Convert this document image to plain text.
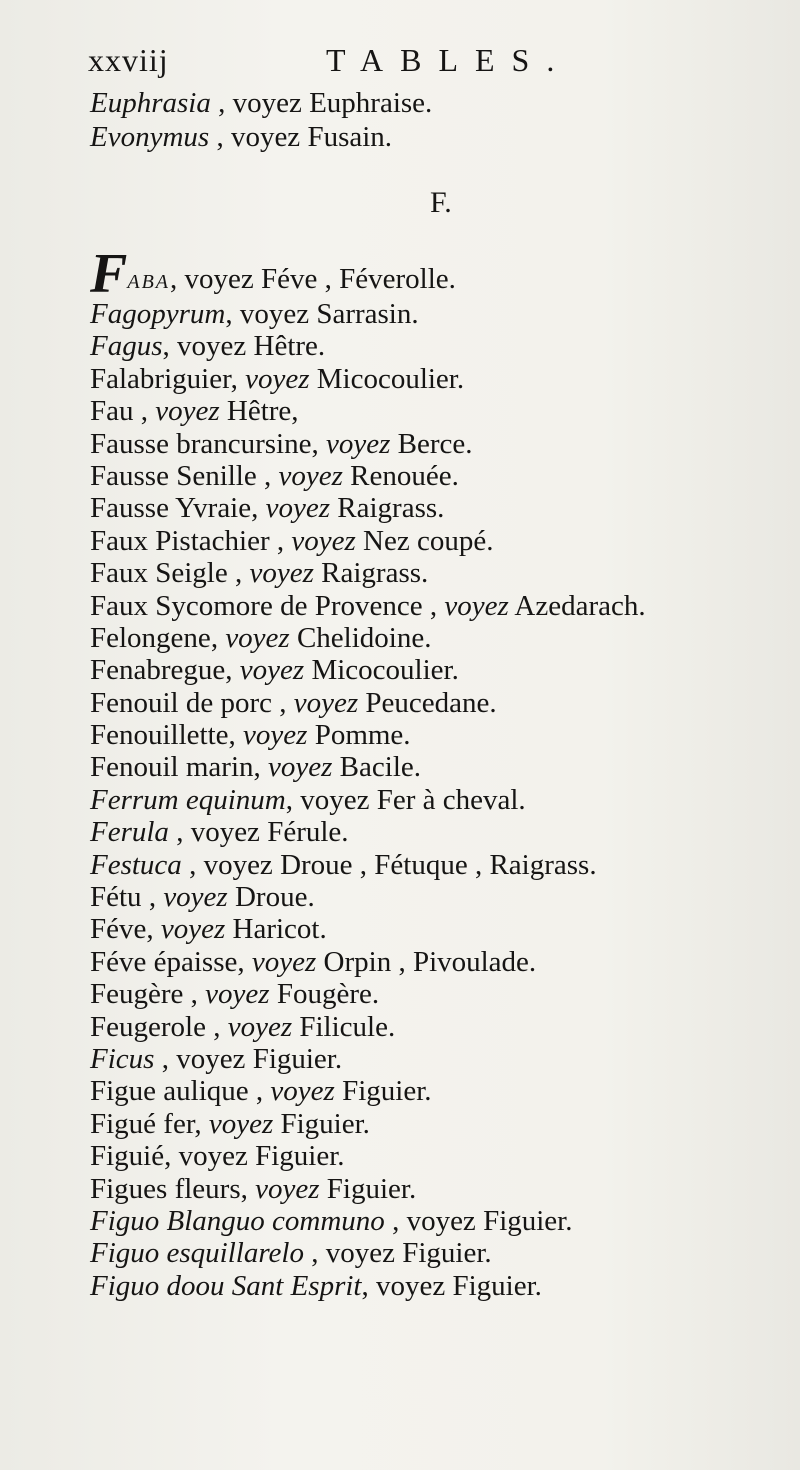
xxviij	TABLES.
Euphrasia , voyez Euphraise.
Evonymus , voyez Fusain.
F.
FABA, voyez Féve , Féverolle.
Fagopyrum, voyez Sarrasin.
Fagus, voyez Hêtre.
Falabriguier, voyez Micocoulier.
Fau , voyez Hêtre,
Fausse brancursine, voyez Berce.
Fausse Senille , voyez Renouée.
Fausse Yvraie, voyez Raigrass.
Faux Pistachier , voyez Nez coupé.
Faux Seigle , voyez Raigrass.
Faux Sycomore de Provence , voyez Azedarach.
Felongene, voyez Chelidoine.
Fenabregue, voyez Micocoulier.
Fenouil de porc , voyez Peucedane.
Fenouillette, voyez Pomme.
Fenouil marin, voyez Bacile.
Ferrum equinum, voyez Fer à cheval.
Ferula , voyez Férule.
Festuca , voyez Droue , Fétuque , Raigrass.
Fétu , voyez Droue.
Féve, voyez Haricot.
Féve épaisse, voyez Orpin , Pivoulade.
Feugère , voyez Fougère.
Feugerole , voyez Filicule.
Ficus , voyez Figuier.
Figue aulique , voyez Figuier.
Figué fer, voyez Figuier.
Figuié, voyez Figuier.
Figues fleurs, voyez Figuier.
Figuo Blanguo communo , voyez Figuier.
Figuo esquillarelo , voyez Figuier.
Figuo doou Sant Esprit, voyez Figuier.
